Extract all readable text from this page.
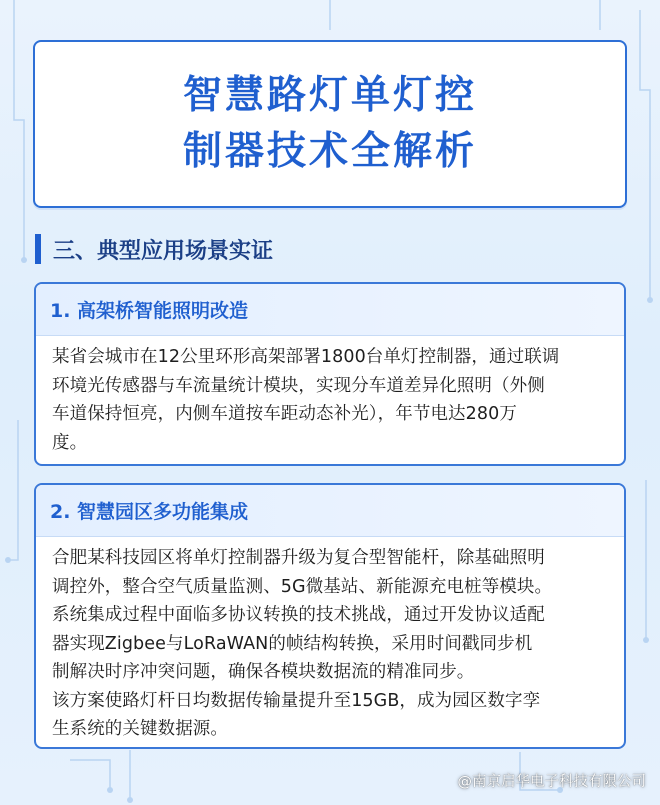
智慧路灯单灯控
制器技术全解析
三、典型应用场景实证
1. 高架桥智能照明改造
某省会城市在12公里环形高架部署1800台单灯控制器，通过联调
环境光传感器与车流量统计模块，实现分车道差异化照明（外侧
车道保持恒亮，内侧车道按车距动态补光），年节电达280万
度。
2. 智慧园区多功能集成
合肥某科技园区将单灯控制器升级为复合型智能杆，除基础照明
调控外，整合空气质量监测、5G微基站、新能源充电桩等模块。
系统集成过程中面临多协议转换的技术挑战，通过开发协议适配
器实现Zigbee与LoRaWAN的帧结构转换，采用时间戳同步机
制解决时序冲突问题，确保各模块数据流的精准同步。
该方案使路灯杆日均数据传输量提升至15GB，成为园区数字孪
生系统的关键数据源。
@南京启华电子科技有限公司
